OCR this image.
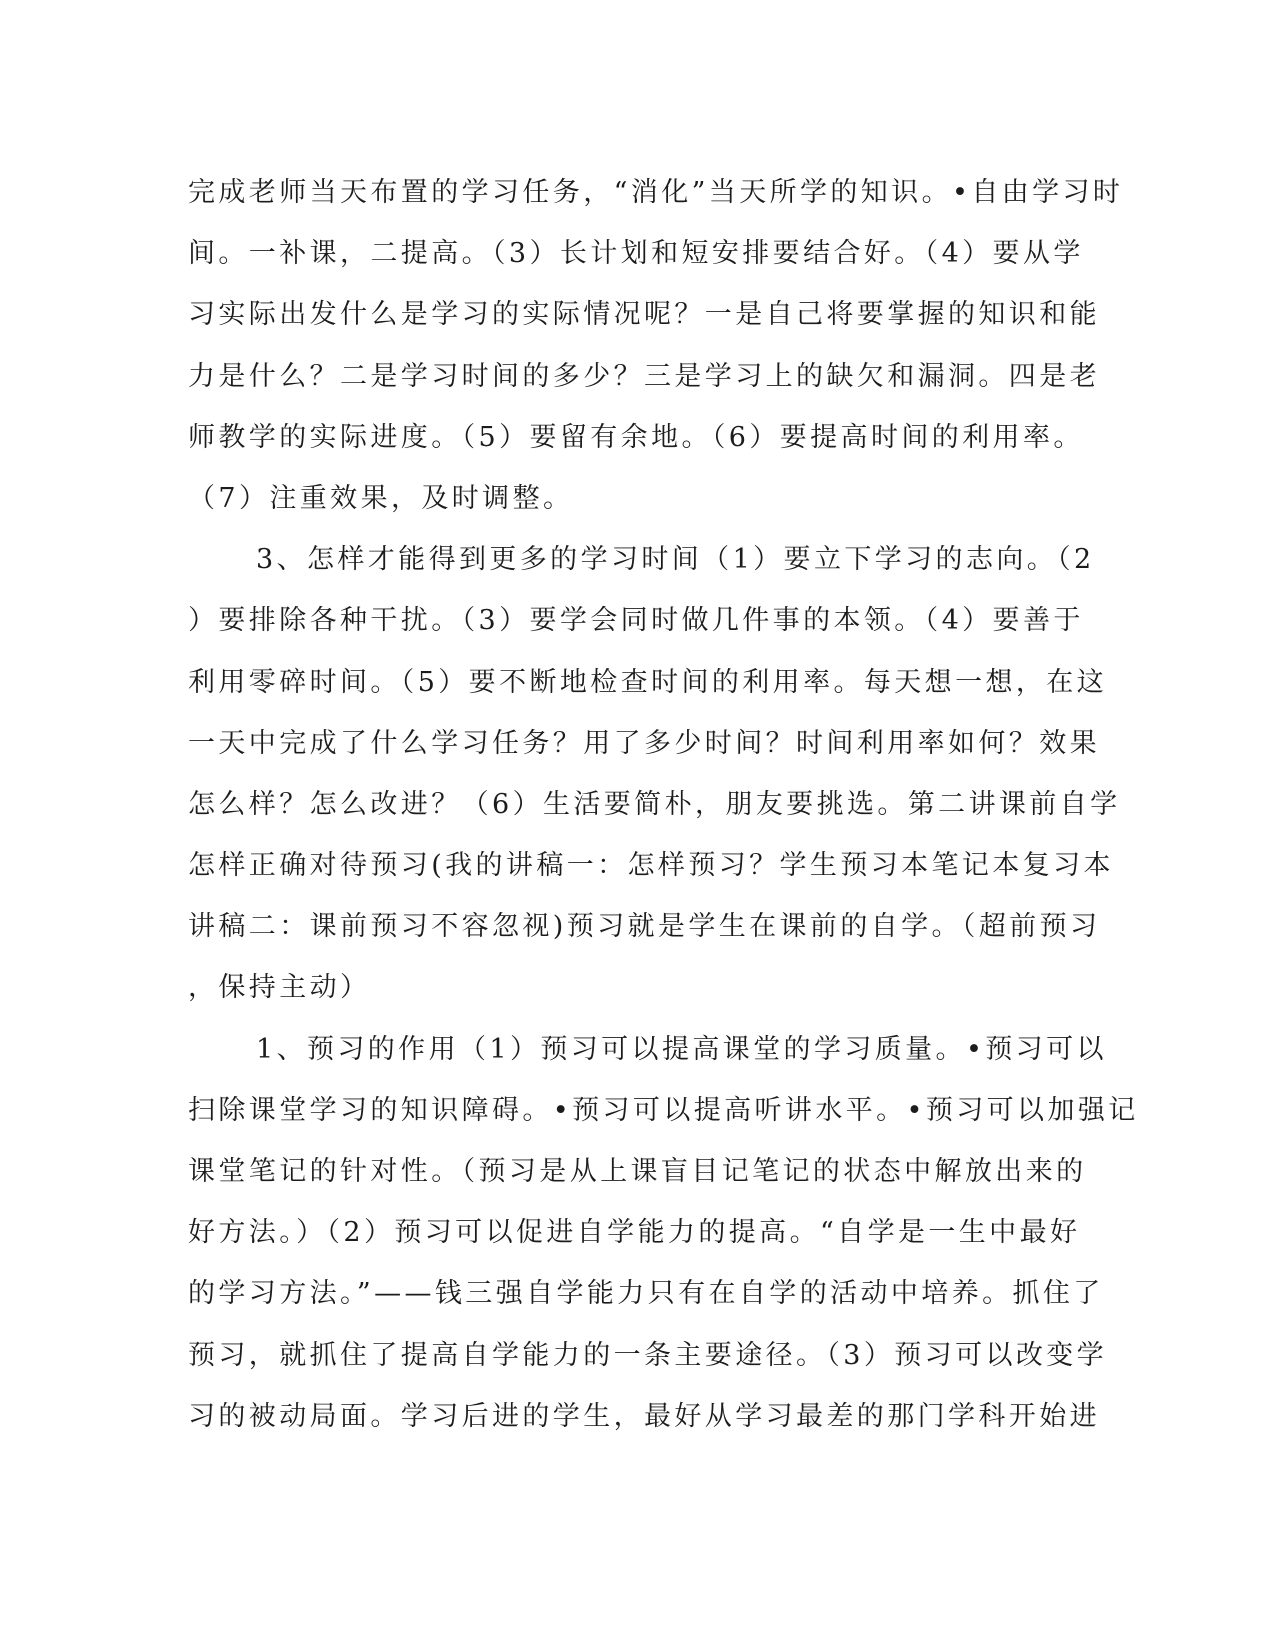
完成老师当天布置的学习任务，“消化”当天所学的知识。•自由学习时
间。一补课，二提高。（3）长计划和短安排要结合好。（4）要从学
习实际出发什么是学习的实际情况呢？一是自己将要掌握的知识和能
力是什么？二是学习时间的多少？三是学习上的缺欠和漏洞。四是老
师教学的实际进度。（5）要留有余地。（6）要提高时间的利用率。
（7）注重效果，及时调整。
3、怎样才能得到更多的学习时间（1）要立下学习的志向。（2
）要排除各种干扰。（3）要学会同时做几件事的本领。（4）要善于
利用零碎时间。（5）要不断地检查时间的利用率。每天想一想，在这
一天中完成了什么学习任务？用了多少时间？时间利用率如何？效果
怎么样？怎么改进？（6）生活要简朴，朋友要挑选。第二讲课前自学
怎样正确对待预习(我的讲稿一：怎样预习？学生预习本笔记本复习本
讲稿二：课前预习不容忽视)预习就是学生在课前的自学。（超前预习
，保持主动）
1、预习的作用（1）预习可以提高课堂的学习质量。•预习可以
扫除课堂学习的知识障碍。•预习可以提高听讲水平。•预习可以加强记
课堂笔记的针对性。（预习是从上课盲目记笔记的状态中解放出来的
好方法。）（2）预习可以促进自学能力的提高。“自学是一生中最好
的学习方法。”——钱三强自学能力只有在自学的活动中培养。抓住了
预习，就抓住了提高自学能力的一条主要途径。（3）预习可以改变学
习的被动局面。学习后进的学生，最好从学习最差的那门学科开始进
